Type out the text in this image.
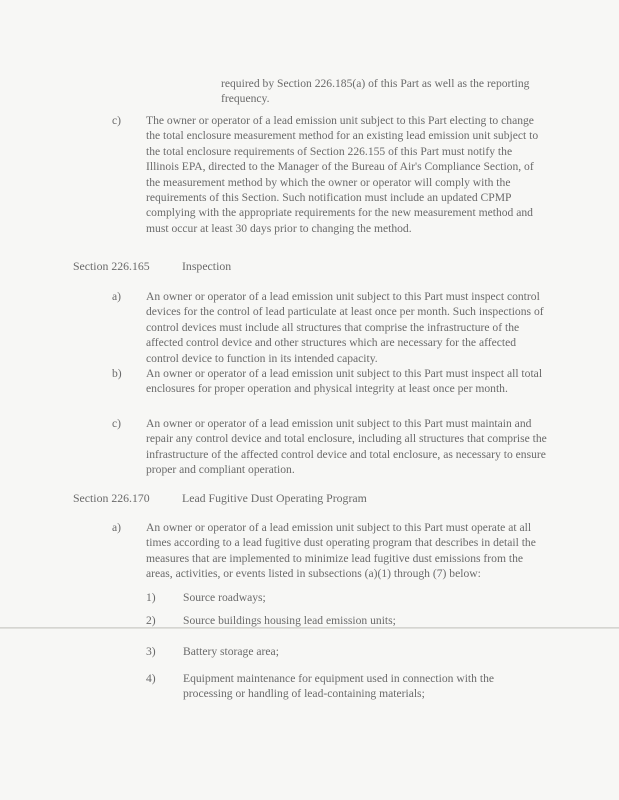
required by Section 226.185(a) of this Part as well as the reporting frequency.

c) The owner or operator of a lead emission unit subject to this Part electing to change the total enclosure measurement method for an existing lead emission unit subject to the total enclosure requirements of Section 226.155 of this Part must notify the Illinois EPA, directed to the Manager of the Bureau of Air's Compliance Section, of the measurement method by which the owner or operator will comply with the requirements of this Section. Such notification must include an updated CPMP complying with the appropriate requirements for the new measurement method and must occur at least 30 days prior to changing the method.

Section 226.165	Inspection
a) An owner or operator of a lead emission unit subject to this Part must inspect control devices for the control of lead particulate at least once per month. Such inspections of control devices must include all structures that comprise the infrastructure of the affected control device and other structures which are necessary for the affected control device to function in its intended capacity.

b) An owner or operator of a lead emission unit subject to this Part must inspect all total enclosures for proper operation and physical integrity at least once per month.

c) An owner or operator of a lead emission unit subject to this Part must maintain and repair any control device and total enclosure, including all structures that comprise the infrastructure of the affected control device and total enclosure, as necessary to ensure proper and compliant operation.

Section 226.170	Lead Fugitive Dust Operating Program
a) An owner or operator of a lead emission unit subject to this Part must operate at all times according to a lead fugitive dust operating program that describes in detail the measures that are implemented to minimize lead fugitive dust emissions from the areas, activities, or events listed in subsections (a)(1) through (7) below:

1) Source roadways;

2) Source buildings housing lead emission units;

3) Battery storage area;

4) Equipment maintenance for equipment used in connection with the processing or handling of lead-containing materials;
